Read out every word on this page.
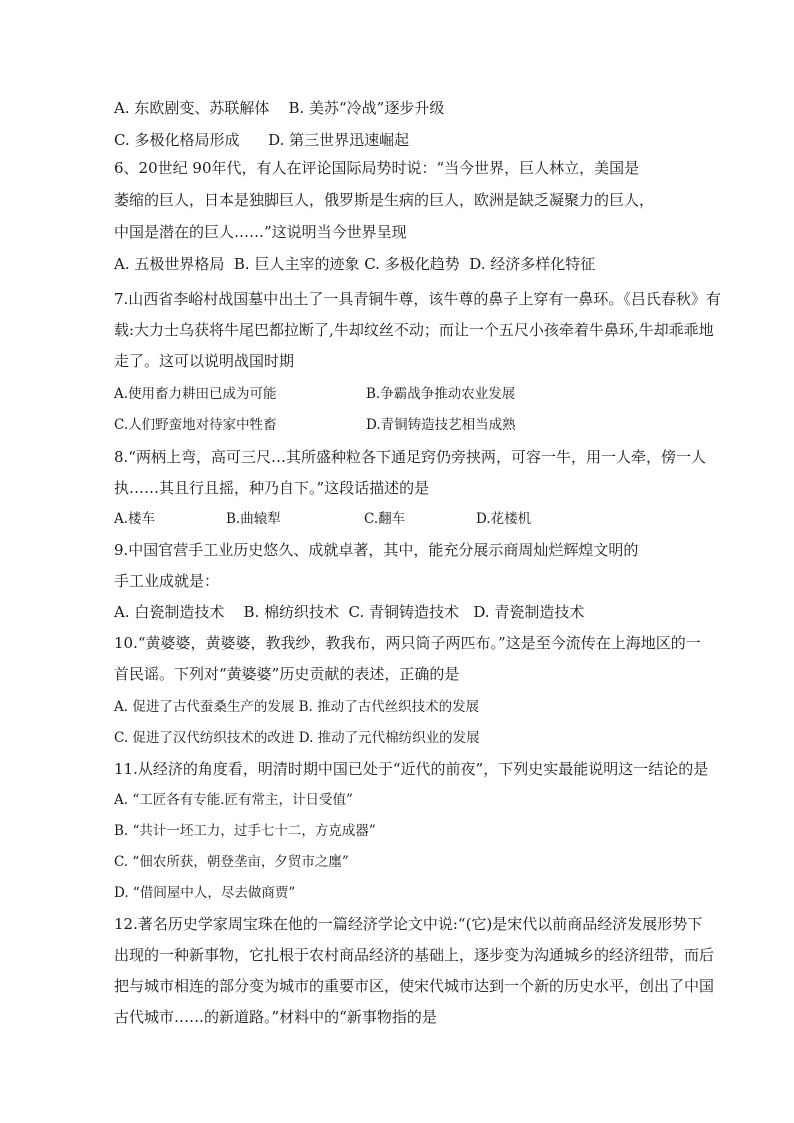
A. 东欧剧变、苏联解体    B. 美苏“冷战”逐步升级
C. 多极化格局形成      D. 第三世界迅速崛起
6、20世纪 90年代，有人在评论国际局势时说：“当今世界，巨人林立，美国是
萎缩的巨人，日本是独脚巨人，俄罗斯是生病的巨人，欧洲是缺乏凝聚力的巨人，
中国是潜在的巨人……”这说明当今世界呈现
A. 五极世界格局  B. 巨人主宰的迹象 C. 多极化趋势  D. 经济多样化特征
7.山西省李峪村战国墓中出土了一具青铜牛尊，该牛尊的鼻子上穿有一鼻环。《吕氏春秋》有
载:大力士乌获将牛尾巴都拉断了,牛却纹丝不动；而让一个五尺小孩牵着牛鼻环,牛却乖乖地
走了。这可以说明战国时期
8.“两柄上弯，高可三尺…其所盛种粒各下通足窍仍旁挟两，可容一牛，用一人牵，傍一人
执……其且行且摇，种乃自下。”这段话描述的是
9.中国官营手工业历史悠久、成就卓著，其中，能充分展示商周灿烂辉煌文明的
手工业成就是：
A. 白瓷制造技术    B. 棉纺织技术  C. 青铜铸造技术   D. 青瓷制造技术
10.“黄婆婆，黄婆婆，教我纱，教我布，两只筒子两匹布。”这是至今流传在上海地区的一
首民谣。下列对“黄婆婆”历史贡献的表述，正确的是
A. 促进了古代蚕桑生产的发展 B. 推动了古代丝织技术的发展
C. 促进了汉代纺织技术的改进 D. 推动了元代棉纺织业的发展
11.从经济的角度看，明清时期中国已处于“近代的前夜”，下列史实最能说明这一结论的是
A. “工匠各有专能.匠有常主，计日受值”
B. “共计一坯工力，过手七十二，方克成器”
C. “佃农所获，朝登垄亩，夕贸市之廛”
D. “借闾屋中人，尽去做商贾”
12.著名历史学家周宝珠在他的一篇经济学论文中说:“(它)是宋代以前商品经济发展形势下
出现的一种新事物，它扎根于农村商品经济的基础上，逐步变为沟通城乡的经济纽带，而后
把与城市相连的部分变为城市的重要市区，使宋代城市达到一个新的历史水平，创出了中国
古代城市……的新道路。”材料中的“新事物指的是
A.使用畜力耕田已成为可能	B.争霸战争推动农业发展
C.人们野蛮地对待家中牲畜	D.青铜铸造技艺相当成熟
A.楼车	B.曲辕犁	C.翻车	D.花楼机
